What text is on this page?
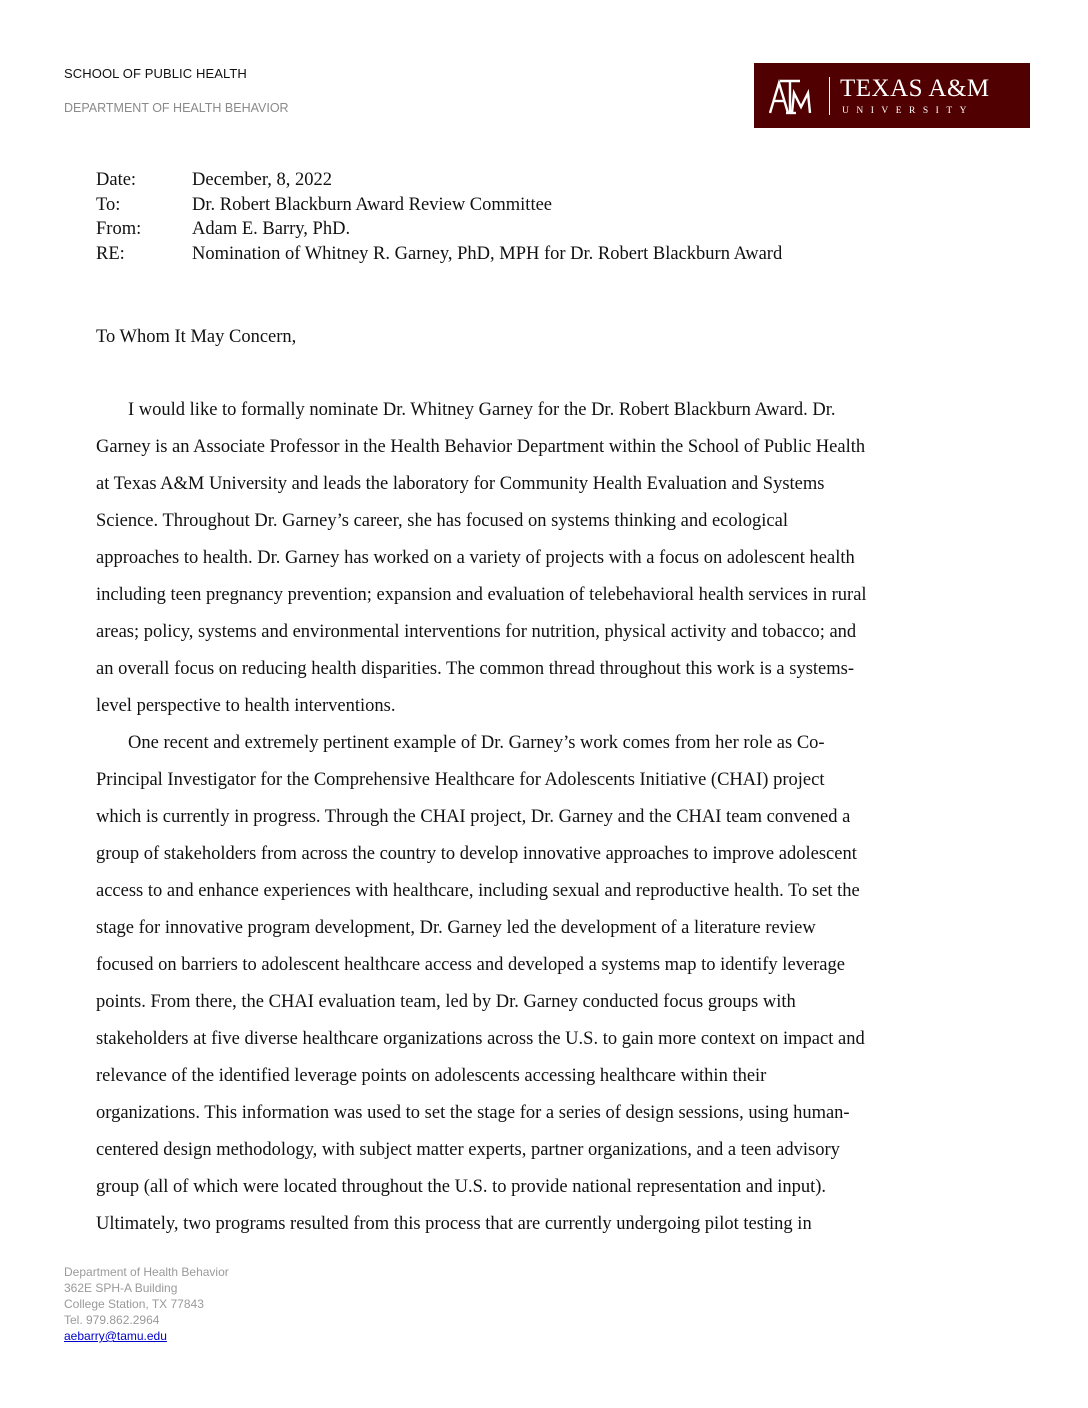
SCHOOL OF PUBLIC HEALTH
DEPARTMENT OF HEALTH BEHAVIOR
TEXAS A&M
UNIVERSITY
Date:	December, 8, 2022
To:	Dr. Robert Blackburn Award Review Committee
From:	Adam E. Barry, PhD.
RE:	Nomination of Whitney R. Garney, PhD, MPH for Dr. Robert Blackburn Award
To Whom It May Concern,
I would like to formally nominate Dr. Whitney Garney for the Dr. Robert Blackburn Award. Dr.
Garney is an Associate Professor in the Health Behavior Department within the School of Public Health
at Texas A&M University and leads the laboratory for Community Health Evaluation and Systems
Science. Throughout Dr. Garney’s career, she has focused on systems thinking and ecological
approaches to health. Dr. Garney has worked on a variety of projects with a focus on adolescent health
including teen pregnancy prevention; expansion and evaluation of telebehavioral health services in rural
areas; policy, systems and environmental interventions for nutrition, physical activity and tobacco; and
an overall focus on reducing health disparities. The common thread throughout this work is a systems-
level perspective to health interventions.
One recent and extremely pertinent example of Dr. Garney’s work comes from her role as Co-
Principal Investigator for the Comprehensive Healthcare for Adolescents Initiative (CHAI) project
which is currently in progress. Through the CHAI project, Dr. Garney and the CHAI team convened a
group of stakeholders from across the country to develop innovative approaches to improve adolescent
access to and enhance experiences with healthcare, including sexual and reproductive health. To set the
stage for innovative program development, Dr. Garney led the development of a literature review
focused on barriers to adolescent healthcare access and developed a systems map to identify leverage
points. From there, the CHAI evaluation team, led by Dr. Garney conducted focus groups with
stakeholders at five diverse healthcare organizations across the U.S. to gain more context on impact and
relevance of the identified leverage points on adolescents accessing healthcare within their
organizations. This information was used to set the stage for a series of design sessions, using human-
centered design methodology, with subject matter experts, partner organizations, and a teen advisory
group (all of which were located throughout the U.S. to provide national representation and input).
Ultimately, two programs resulted from this process that are currently undergoing pilot testing in
Department of Health Behavior
362E SPH-A Building
College Station, TX 77843
Tel. 979.862.2964
aebarry@tamu.edu
